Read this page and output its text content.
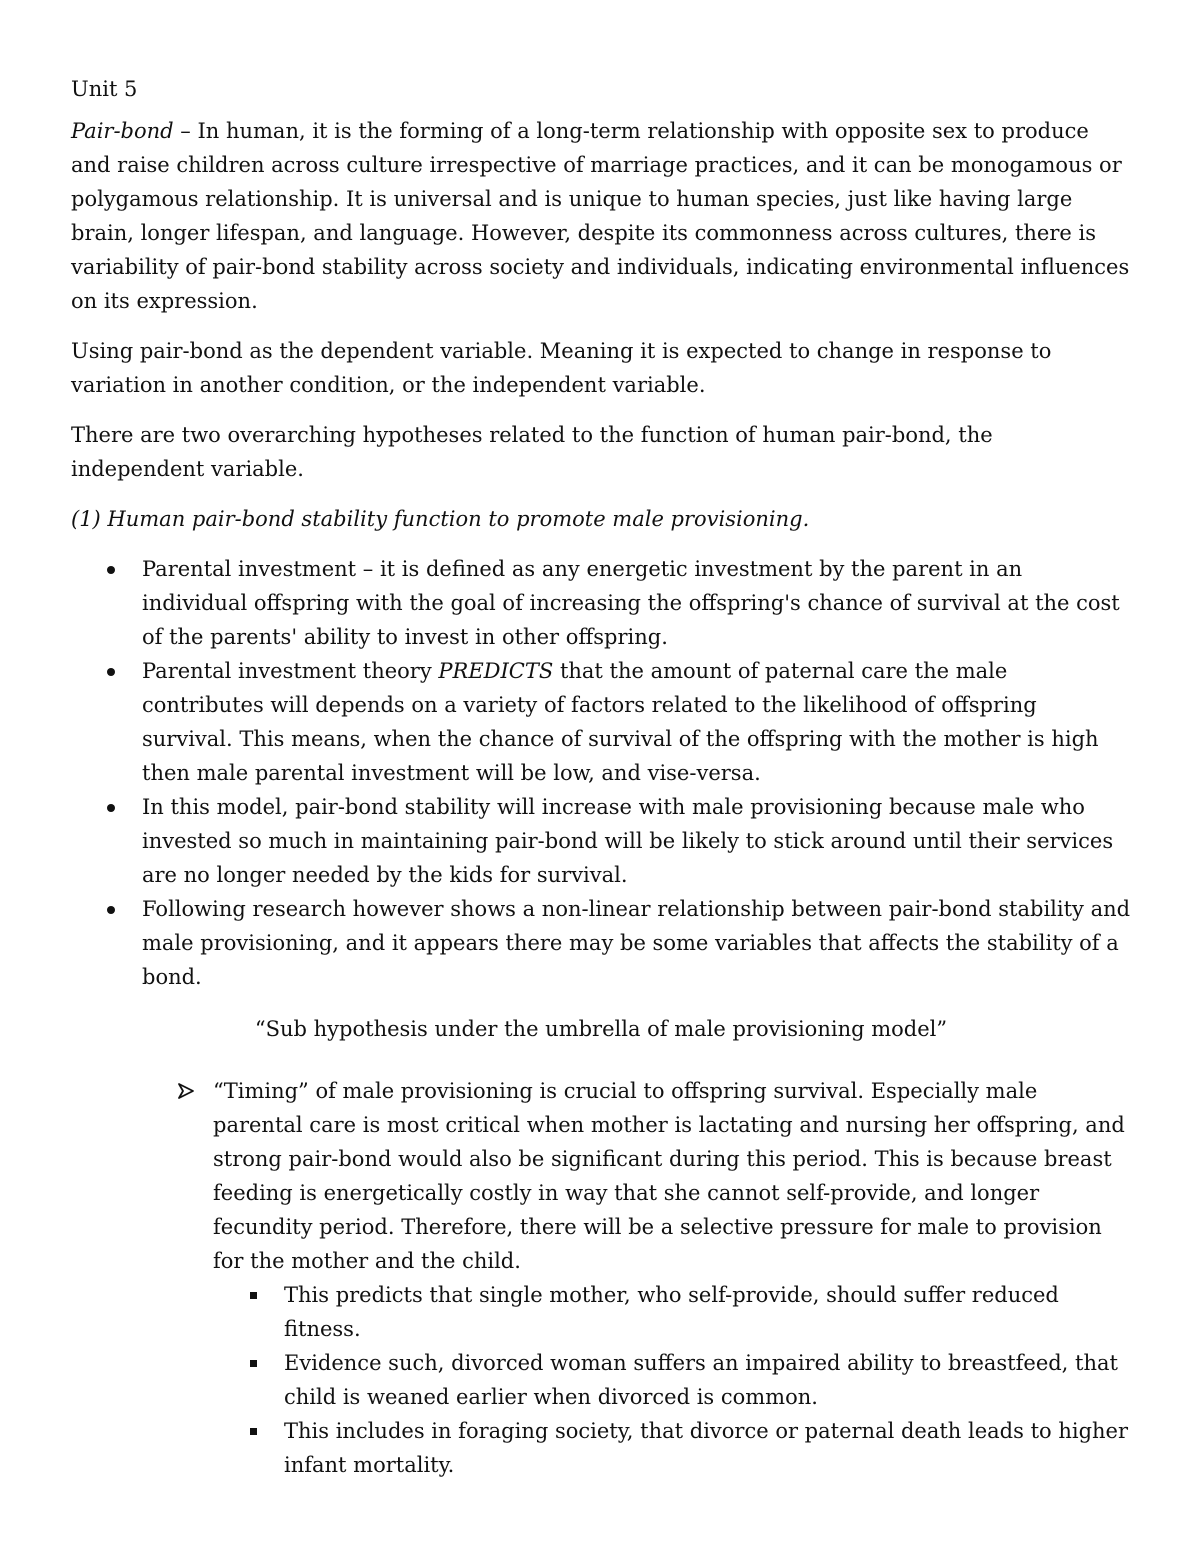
Unit 5

Pair-bond – In human, it is the forming of a long-term relationship with opposite sex to produce and raise children across culture irrespective of marriage practices, and it can be monogamous or polygamous relationship. It is universal and is unique to human species, just like having large brain, longer lifespan, and language. However, despite its commonness across cultures, there is variability of pair-bond stability across society and individuals, indicating environmental influences on its expression.

Using pair-bond as the dependent variable. Meaning it is expected to change in response to variation in another condition, or the independent variable.

There are two overarching hypotheses related to the function of human pair-bond, the independent variable.

(1) Human pair-bond stability function to promote male provisioning.

Parental investment – it is defined as any energetic investment by the parent in an individual offspring with the goal of increasing the offspring's chance of survival at the cost of the parents' ability to invest in other offspring.
Parental investment theory PREDICTS that the amount of paternal care the male contributes will depends on a variety of factors related to the likelihood of offspring survival. This means, when the chance of survival of the offspring with the mother is high then male parental investment will be low, and vise-versa.
In this model, pair-bond stability will increase with male provisioning because male who invested so much in maintaining pair-bond will be likely to stick around until their services are no longer needed by the kids for survival.
Following research however shows a non-linear relationship between pair-bond stability and male provisioning, and it appears there may be some variables that affects the stability of a bond.

“Sub hypothesis under the umbrella of male provisioning model”

“Timing” of male provisioning is crucial to offspring survival. Especially male parental care is most critical when mother is lactating and nursing her offspring, and strong pair-bond would also be significant during this period. This is because breast feeding is energetically costly in way that she cannot self-provide, and longer fecundity period. Therefore, there will be a selective pressure for male to provision for the mother and the child.
This predicts that single mother, who self-provide, should suffer reduced fitness.
Evidence such, divorced woman suffers an impaired ability to breastfeed, that child is weaned earlier when divorced is common.
This includes in foraging society, that divorce or paternal death leads to higher infant mortality.
